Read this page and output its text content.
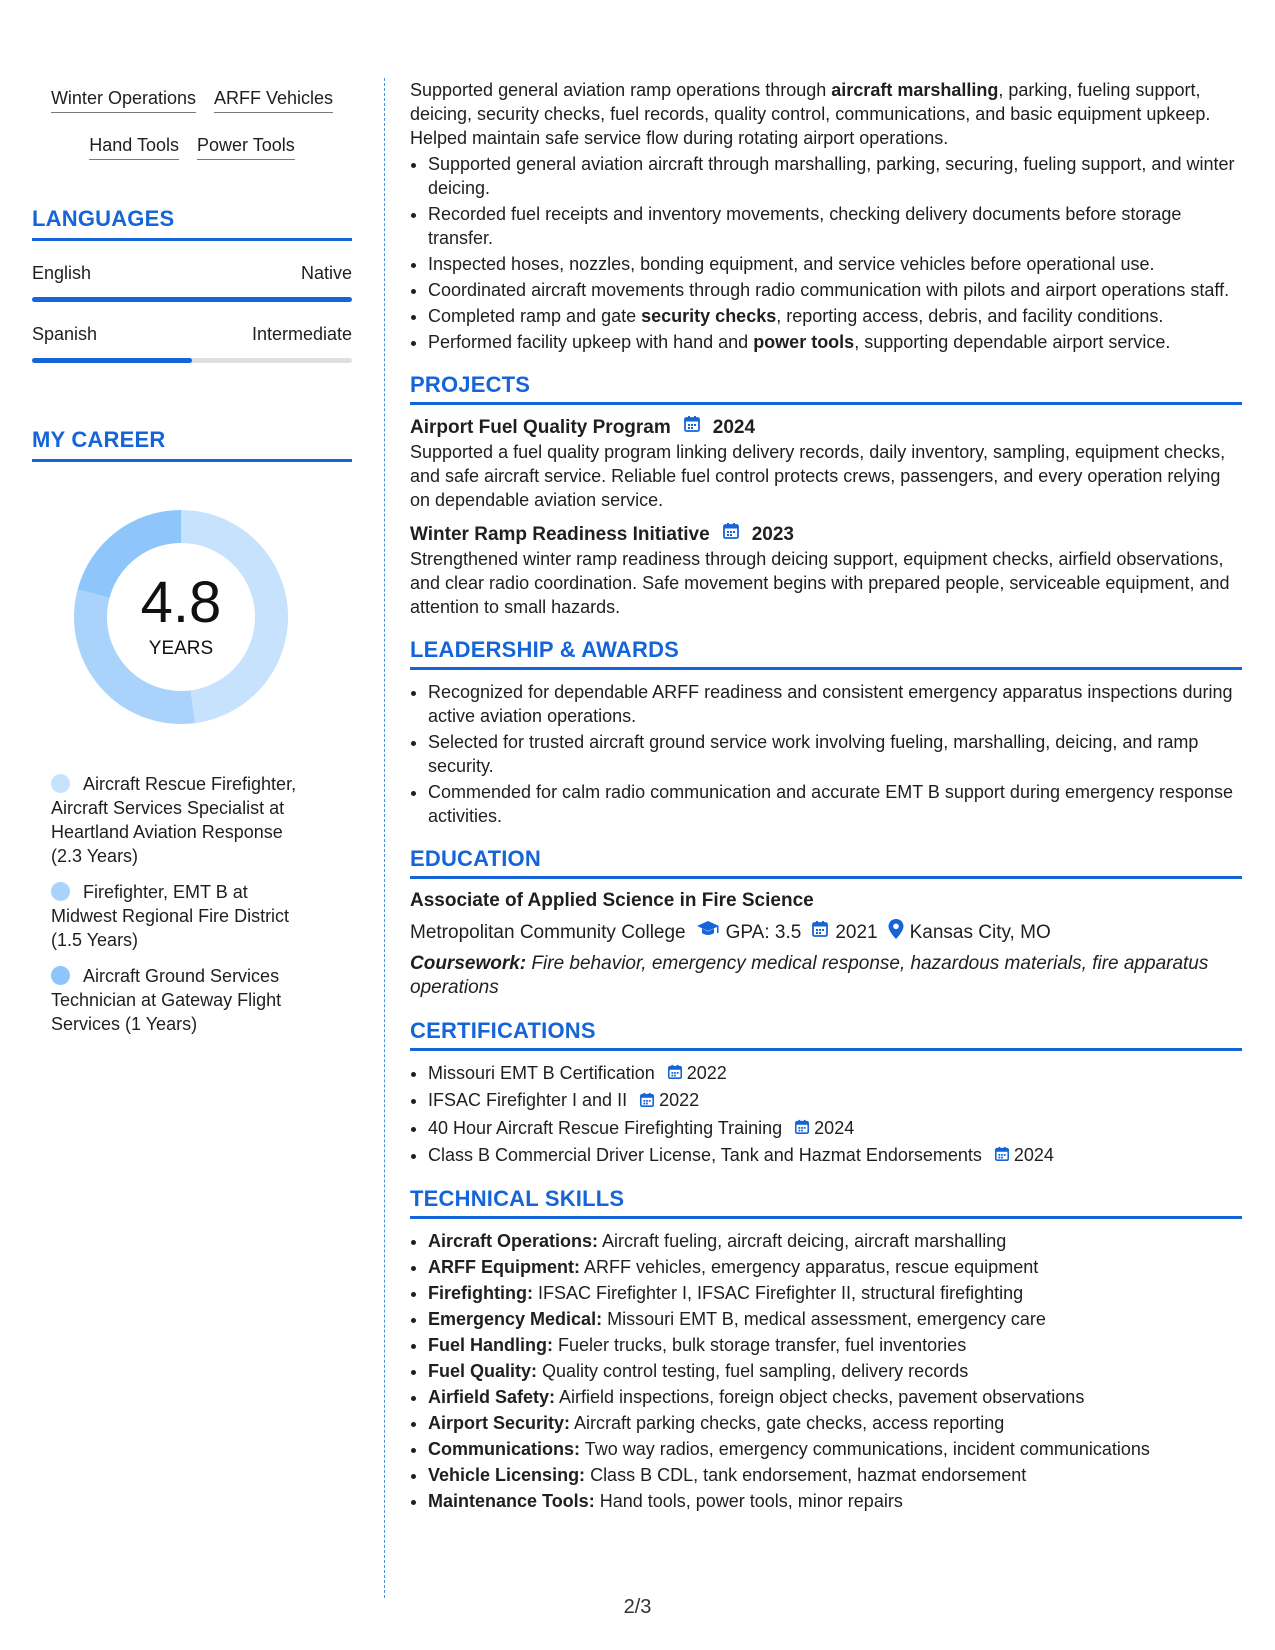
Winter Operations ARFF Vehicles
Hand Tools Power Tools
LANGUAGES
English	Native
Spanish	Intermediate
MY CAREER
4.8
YEARS
Aircraft Rescue Firefighter, Aircraft Services Specialist at Heartland Aviation Response (2.3 Years)
Firefighter, EMT B at Midwest Regional Fire District (1.5 Years)
Aircraft Ground Services Technician at Gateway Flight Services (1 Years)

Supported general aviation ramp operations through aircraft marshalling, parking, fueling support, deicing, security checks, fuel records, quality control, communications, and basic equipment upkeep. Helped maintain safe service flow during rotating airport operations.

• Supported general aviation aircraft through marshalling, parking, securing, fueling support, and winter deicing.
• Recorded fuel receipts and inventory movements, checking delivery documents before storage transfer.
• Inspected hoses, nozzles, bonding equipment, and service vehicles before operational use.
• Coordinated aircraft movements through radio communication with pilots and airport operations staff.
• Completed ramp and gate security checks, reporting access, debris, and facility conditions.
• Performed facility upkeep with hand and power tools, supporting dependable airport service.
PROJECTS
Airport Fuel Quality Program 2024
Supported a fuel quality program linking delivery records, daily inventory, sampling, equipment checks, and safe aircraft service. Reliable fuel control protects crews, passengers, and every operation relying on dependable aviation service.
Winter Ramp Readiness Initiative 2023
Strengthened winter ramp readiness through deicing support, equipment checks, airfield observations, and clear radio coordination. Safe movement begins with prepared people, serviceable equipment, and attention to small hazards.
LEADERSHIP & AWARDS
• Recognized for dependable ARFF readiness and consistent emergency apparatus inspections during active aviation operations.
• Selected for trusted aircraft ground service work involving fueling, marshalling, deicing, and ramp security.
• Commended for calm radio communication and accurate EMT B support during emergency response activities.
EDUCATION
Associate of Applied Science in Fire Science
Metropolitan Community College GPA: 3.5 2021 Kansas City, MO
Coursework: Fire behavior, emergency medical response, hazardous materials, fire apparatus operations
CERTIFICATIONS
• Missouri EMT B Certification 2022
• IFSAC Firefighter I and II 2022
• 40 Hour Aircraft Rescue Firefighting Training 2024
• Class B Commercial Driver License, Tank and Hazmat Endorsements 2024
TECHNICAL SKILLS
• Aircraft Operations: Aircraft fueling, aircraft deicing, aircraft marshalling
• ARFF Equipment: ARFF vehicles, emergency apparatus, rescue equipment
• Firefighting: IFSAC Firefighter I, IFSAC Firefighter II, structural firefighting
• Emergency Medical: Missouri EMT B, medical assessment, emergency care
• Fuel Handling: Fueler trucks, bulk storage transfer, fuel inventories
• Fuel Quality: Quality control testing, fuel sampling, delivery records
• Airfield Safety: Airfield inspections, foreign object checks, pavement observations
• Airport Security: Aircraft parking checks, gate checks, access reporting
• Communications: Two way radios, emergency communications, incident communications
• Vehicle Licensing: Class B CDL, tank endorsement, hazmat endorsement
• Maintenance Tools: Hand tools, power tools, minor repairs
2/3
